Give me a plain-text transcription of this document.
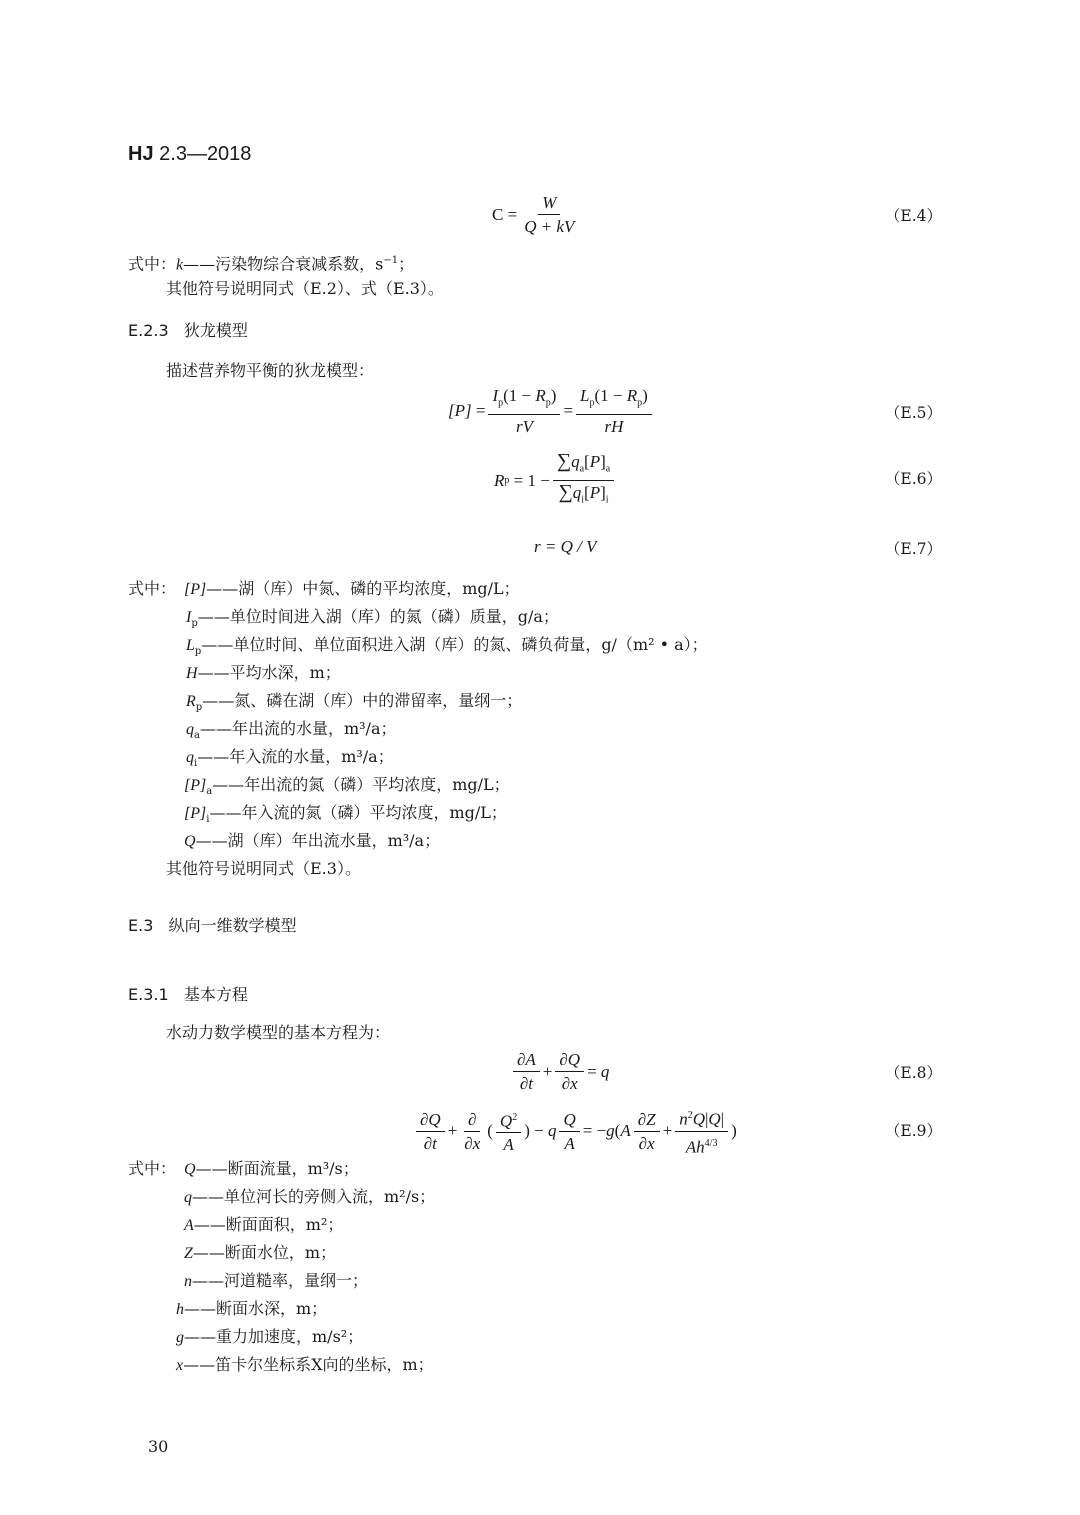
HJ 2.3—2018
$C = \frac{W}{Q + kV}$	（E.4）
式中：k——污染物综合衰减系数，$s^{-1}$；
其他符号说明同式（E.2）、式（E.3）。
E.2.3 狄龙模型
描述营养物平衡的狄龙模型：
$[P] = \frac{I_p(1 - R_p)}{rV} = \frac{L_p(1 - R_p)}{rH}$	（E.5）
R $p = 1 - \frac{\sum q_a[P]_a}{\sum q_i[P]_i}$	（E.6）
r = Q / V	（E.7）
式中： [P]——湖（库）中氮、磷的平均浓度，mg/L；
$I_p——$单位时间进入湖（库）的氮（磷）质量，g/a；
$L_p——$单位时间、单位面积进入湖（库）的氮、磷负荷量，g/（m² • a）；
H——平均水深，m；
$R_p——$氮、磷在湖（库）中的滞留率，量纲一；
$q_a——$年出流的水量，m³/a；
$q_i——$年入流的水量，m³/a；
$[P]_a——$年出流的氮（磷）平均浓度，mg/L；
$[P]_i——$年入流的氮（磷）平均浓度，mg/L；
Q——湖（库）年出流水量，m³/a；
其他符号说明同式（E.3）。
E.3 纵向一维数学模型
E.3.1 基本方程
水动力数学模型的基本方程为：
$\frac{\partial A}{\partial t} + \frac{\partial Q}{\partial x} = q$	（E.8）
$\frac{\partial Q}{\partial t} + \frac{\partial}{\partial x}$ ( $\frac{Q^2}{A}$ ) − q $\frac{Q}{A}$ = − g ( A $\frac{\partial Z}{\partial x} + \frac{n^2Q|Q|}{Ah^{4/3}}$ )	（E.9）
式中： Q——断面流量，m³/s；
q——单位河长的旁侧入流，m²/s；
A——断面面积，m²；
Z——断面水位，m；
n——河道糙率，量纲一；
h——断面水深，m；
g——重力加速度，m/s²；
x——笛卡尔坐标系X向的坐标，m；
30
